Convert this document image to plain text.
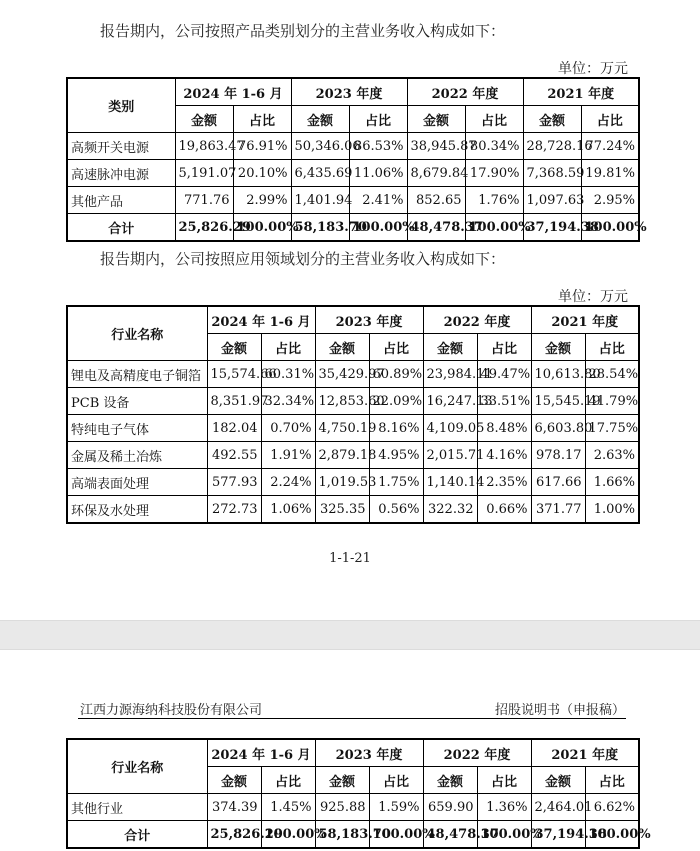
报告期内，公司按照产品类别划分的主营业务收入构成如下：

单位：万元
类别	2024 年 1-6 月		2023 年度		2022 年度		2021 年度	
	金额	占比	金额	占比	金额	占比	金额	占比
高频开关电源	19,863.47	76.91%	50,346.06	86.53%	38,945.87	80.34%	28,728.16	77.24%
高速脉冲电源	5,191.07	20.10%	6,435.69	11.06%	8,679.84	17.90%	7,368.59	19.81%
其他产品	771.76	2.99%	1,401.94	2.41%	852.65	1.76%	1,097.63	2.95%
合计	25,826.29	100.00%	58,183.70	100.00%	48,478.37	100.00%	37,194.38	100.00%

报告期内，公司按照应用领域划分的主营业务收入构成如下：

单位：万元
行业名称	2024 年 1-6 月		2023 年度		2022 年度		2021 年度	
	金额	占比	金额	占比	金额	占比	金额	占比
锂电及高精度电子铜箔	15,574.66	60.31%	35,429.97	60.89%	23,984.11	49.47%	10,613.80	28.54%
PCB 设备	8,351.97	32.34%	12,853.60	22.09%	16,247.13	33.51%	15,545.19	41.79%
特纯电子气体	182.04	0.70%	4,750.19	8.16%	4,109.05	8.48%	6,603.80	17.75%
金属及稀土冶炼	492.55	1.91%	2,879.18	4.95%	2,015.71	4.16%	978.17	2.63%
高端表面处理	577.93	2.24%	1,019.53	1.75%	1,140.14	2.35%	617.66	1.66%
环保及水处理	272.73	1.06%	325.35	0.56%	322.32	0.66%	371.77	1.00%
1-1-21
江西力源海纳科技股份有限公司	招股说明书（申报稿）
行业名称	2024 年 1-6 月		2023 年度		2022 年度		2021 年度	
	金额	占比	金额	占比	金额	占比	金额	占比
其他行业	374.39	1.45%	925.88	1.59%	659.90	1.36%	2,464.01	6.62%
合计	25,826.29	100.00%	58,183.70	100.00%	48,478.37	100.00%	37,194.38	100.00%
